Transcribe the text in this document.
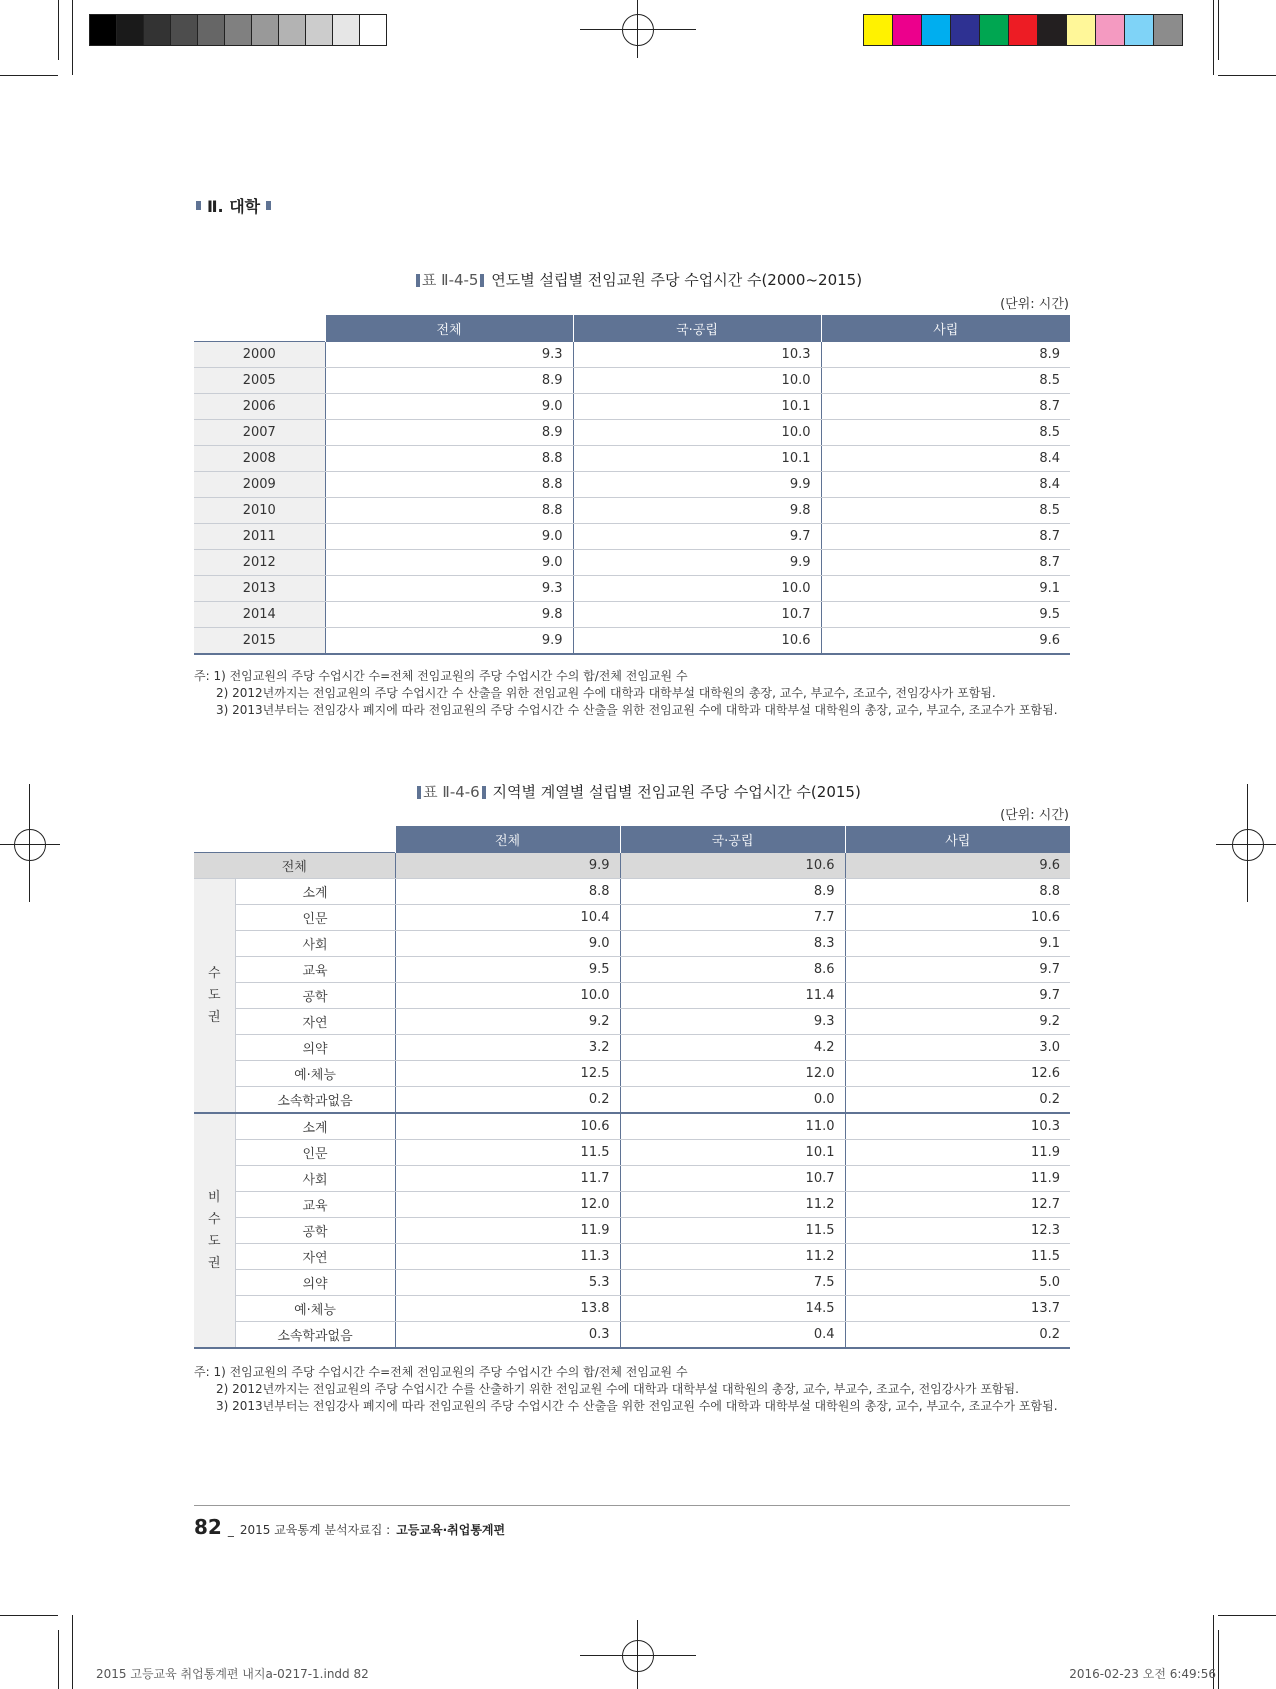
Ⅱ. 대학
표 Ⅱ-4-5 연도별 설립별 전임교원 주당 수업시간 수(2000~2015)
(단위: 시간)
	전체	국·공립	사립
2000	9.3	10.3	8.9
2005	8.9	10.0	8.5
2006	9.0	10.1	8.7
2007	8.9	10.0	8.5
2008	8.8	10.1	8.4
2009	8.8	9.9	8.4
2010	8.8	9.8	8.5
2011	9.0	9.7	8.7
2012	9.0	9.9	8.7
2013	9.3	10.0	9.1
2014	9.8	10.7	9.5
2015	9.9	10.6	9.6
주: 1) 전임교원의 주당 수업시간 수=전체 전임교원의 주당 수업시간 수의 합/전체 전임교원 수
2) 2012년까지는 전임교원의 주당 수업시간 수 산출을 위한 전임교원 수에 대학과 대학부설 대학원의 총장, 교수, 부교수, 조교수, 전임강사가 포함됨.
3) 2013년부터는 전임강사 폐지에 따라 전임교원의 주당 수업시간 수 산출을 위한 전임교원 수에 대학과 대학부설 대학원의 총장, 교수, 부교수, 조교수가 포함됨.
표 Ⅱ-4-6 지역별 계열별 설립별 전임교원 주당 수업시간 수(2015)
(단위: 시간)
		전체	국·공립	사립
전체		9.9	10.6	9.6
수
도
권	소계	8.8	8.9	8.8
	인문	10.4	7.7	10.6
	사회	9.0	8.3	9.1
	교육	9.5	8.6	9.7
	공학	10.0	11.4	9.7
	자연	9.2	9.3	9.2
	의약	3.2	4.2	3.0
	예·체능	12.5	12.0	12.6
	소속학과없음	0.2	0.0	0.2
비
수
도
권	소계	10.6	11.0	10.3
	인문	11.5	10.1	11.9
	사회	11.7	10.7	11.9
	교육	12.0	11.2	12.7
	공학	11.9	11.5	12.3
	자연	11.3	11.2	11.5
	의약	5.3	7.5	5.0
	예·체능	13.8	14.5	13.7
	소속학과없음	0.3	0.4	0.2
주: 1) 전임교원의 주당 수업시간 수=전체 전임교원의 주당 수업시간 수의 합/전체 전임교원 수
2) 2012년까지는 전임교원의 주당 수업시간 수를 산출하기 위한 전임교원 수에 대학과 대학부설 대학원의 총장, 교수, 부교수, 조교수, 전임강사가 포함됨.
3) 2013년부터는 전임강사 폐지에 따라 전임교원의 주당 수업시간 수 산출을 위한 전임교원 수에 대학과 대학부설 대학원의 총장, 교수, 부교수, 조교수가 포함됨.
82 _ 2015 교육통계 분석자료집 : 고등교육·취업통계편
2015 고등교육 취업통계편 내지a-0217-1.indd 82	2016-02-23 오전 6:49:56
